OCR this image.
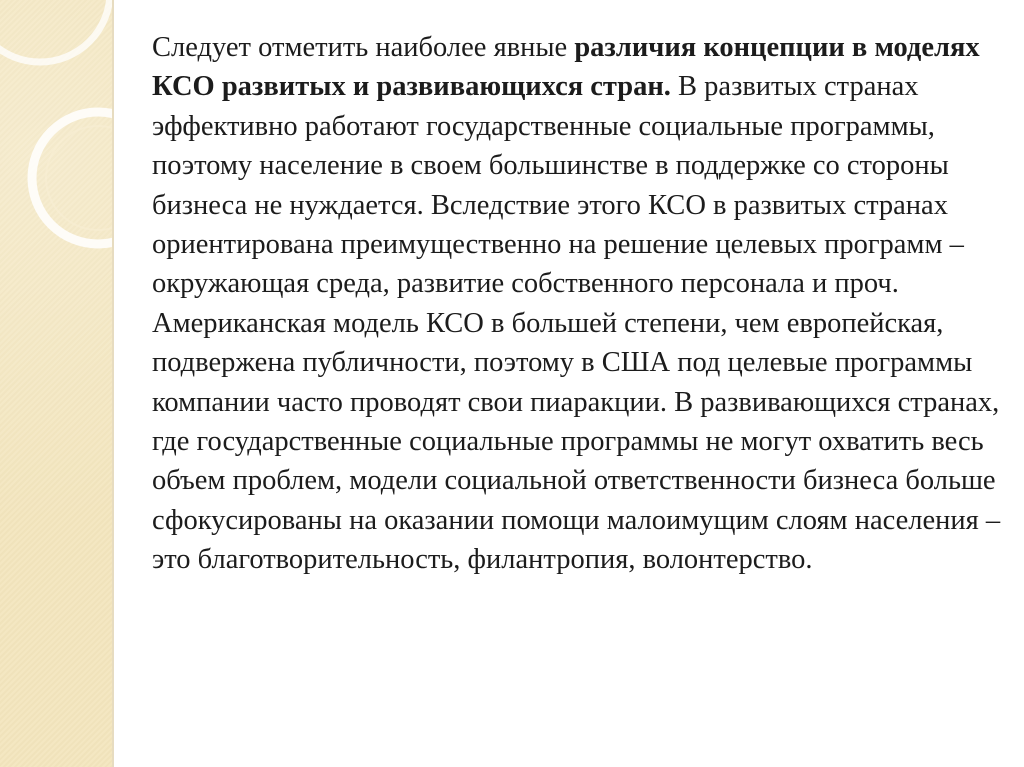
Следует отметить наиболее явные различия концепции в моделях КСО развитых и развивающихся стран. В развитых странах эффективно работают государственные социальные программы, поэтому население в своем большинстве в поддержке со стороны бизнеса не нуждается. Вследствие этого КСО в развитых странах ориентирована преимущественно на решение целевых программ – окружающая среда, развитие собственного персонала и проч. Американская модель КСО в большей степени, чем европейская, подвержена публичности, поэтому в США под целевые программы компании часто проводят свои пиаракции. В развивающихся странах, где государственные социальные программы не могут охватить весь объем проблем, модели социальной ответственности бизнеса больше сфокусированы на оказании помощи малоимущим слоям населения – это благотворительность, филантропия, волонтерство.
